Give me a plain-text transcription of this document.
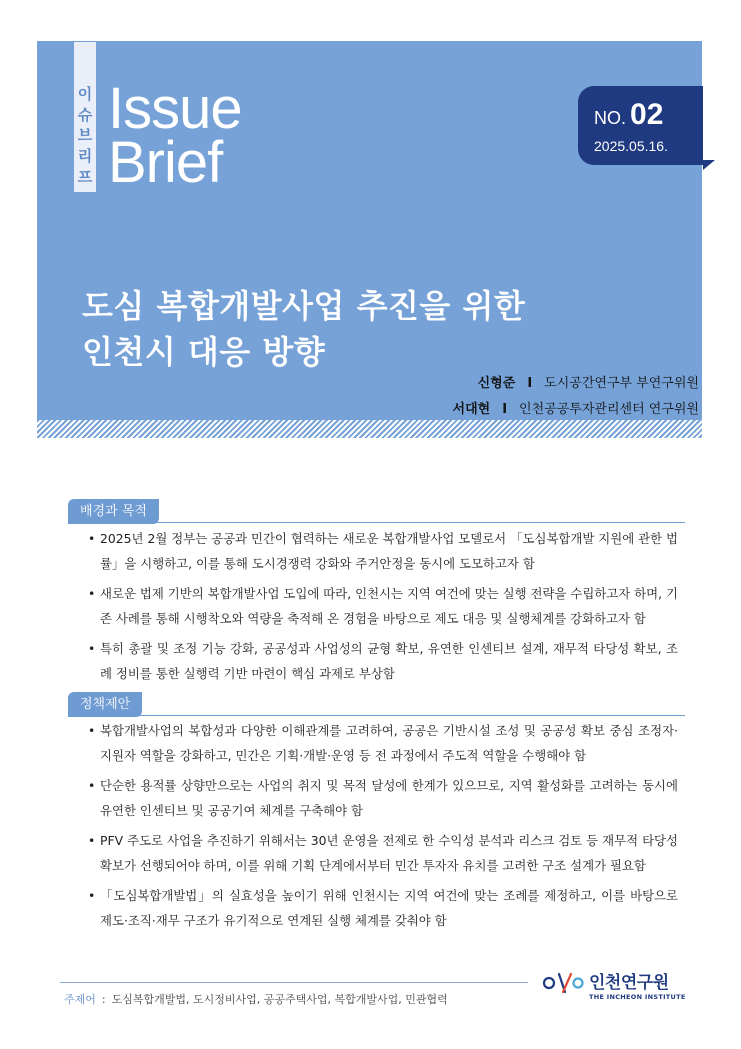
이
슈
브
리
프
Issue
Brief
NO. 02
2025.05.16.
도심 복합개발사업 추진을 위한
인천시 대응 방향
신형준 I 도시공간연구부 부연구위원
서대현 I 인천공공투자관리센터 연구위원
배경과 목적
• 2025년 2월 정부는 공공과 민간이 협력하는 새로운 복합개발사업 모델로서 「도심복합개발 지원에 관한 법률」을 시행하고, 이를 통해 도시경쟁력 강화와 주거안정을 동시에 도모하고자 함
• 새로운 법제 기반의 복합개발사업 도입에 따라, 인천시는 지역 여건에 맞는 실행 전략을 수립하고자 하며, 기존 사례를 통해 시행착오와 역량을 축적해 온 경험을 바탕으로 제도 대응 및 실행체계를 강화하고자 함
• 특히 총괄 및 조정 기능 강화, 공공성과 사업성의 균형 확보, 유연한 인센티브 설계, 재무적 타당성 확보, 조례 정비를 통한 실행력 기반 마련이 핵심 과제로 부상함
정책제안
• 복합개발사업의 복합성과 다양한 이해관계를 고려하여, 공공은 기반시설 조성 및 공공성 확보 중심 조정자·지원자 역할을 강화하고, 민간은 기획·개발·운영 등 전 과정에서 주도적 역할을 수행해야 함
• 단순한 용적률 상향만으로는 사업의 취지 및 목적 달성에 한계가 있으므로, 지역 활성화를 고려하는 동시에 유연한 인센티브 및 공공기여 체계를 구축해야 함
• PFV 주도로 사업을 추진하기 위해서는 30년 운영을 전제로 한 수익성 분석과 리스크 검토 등 재무적 타당성 확보가 선행되어야 하며, 이를 위해 기획 단계에서부터 민간 투자자 유치를 고려한 구조 설계가 필요함
• 「도심복합개발법」의 실효성을 높이기 위해 인천시는 지역 여건에 맞는 조례를 제정하고, 이를 바탕으로 제도·조직·재무 구조가 유기적으로 연계된 실행 체계를 갖춰야 함
주제어 : 도심복합개발법, 도시정비사업, 공공주택사업, 복합개발사업, 민관협력
인천연구원
THE INCHEON INSTITUTE
